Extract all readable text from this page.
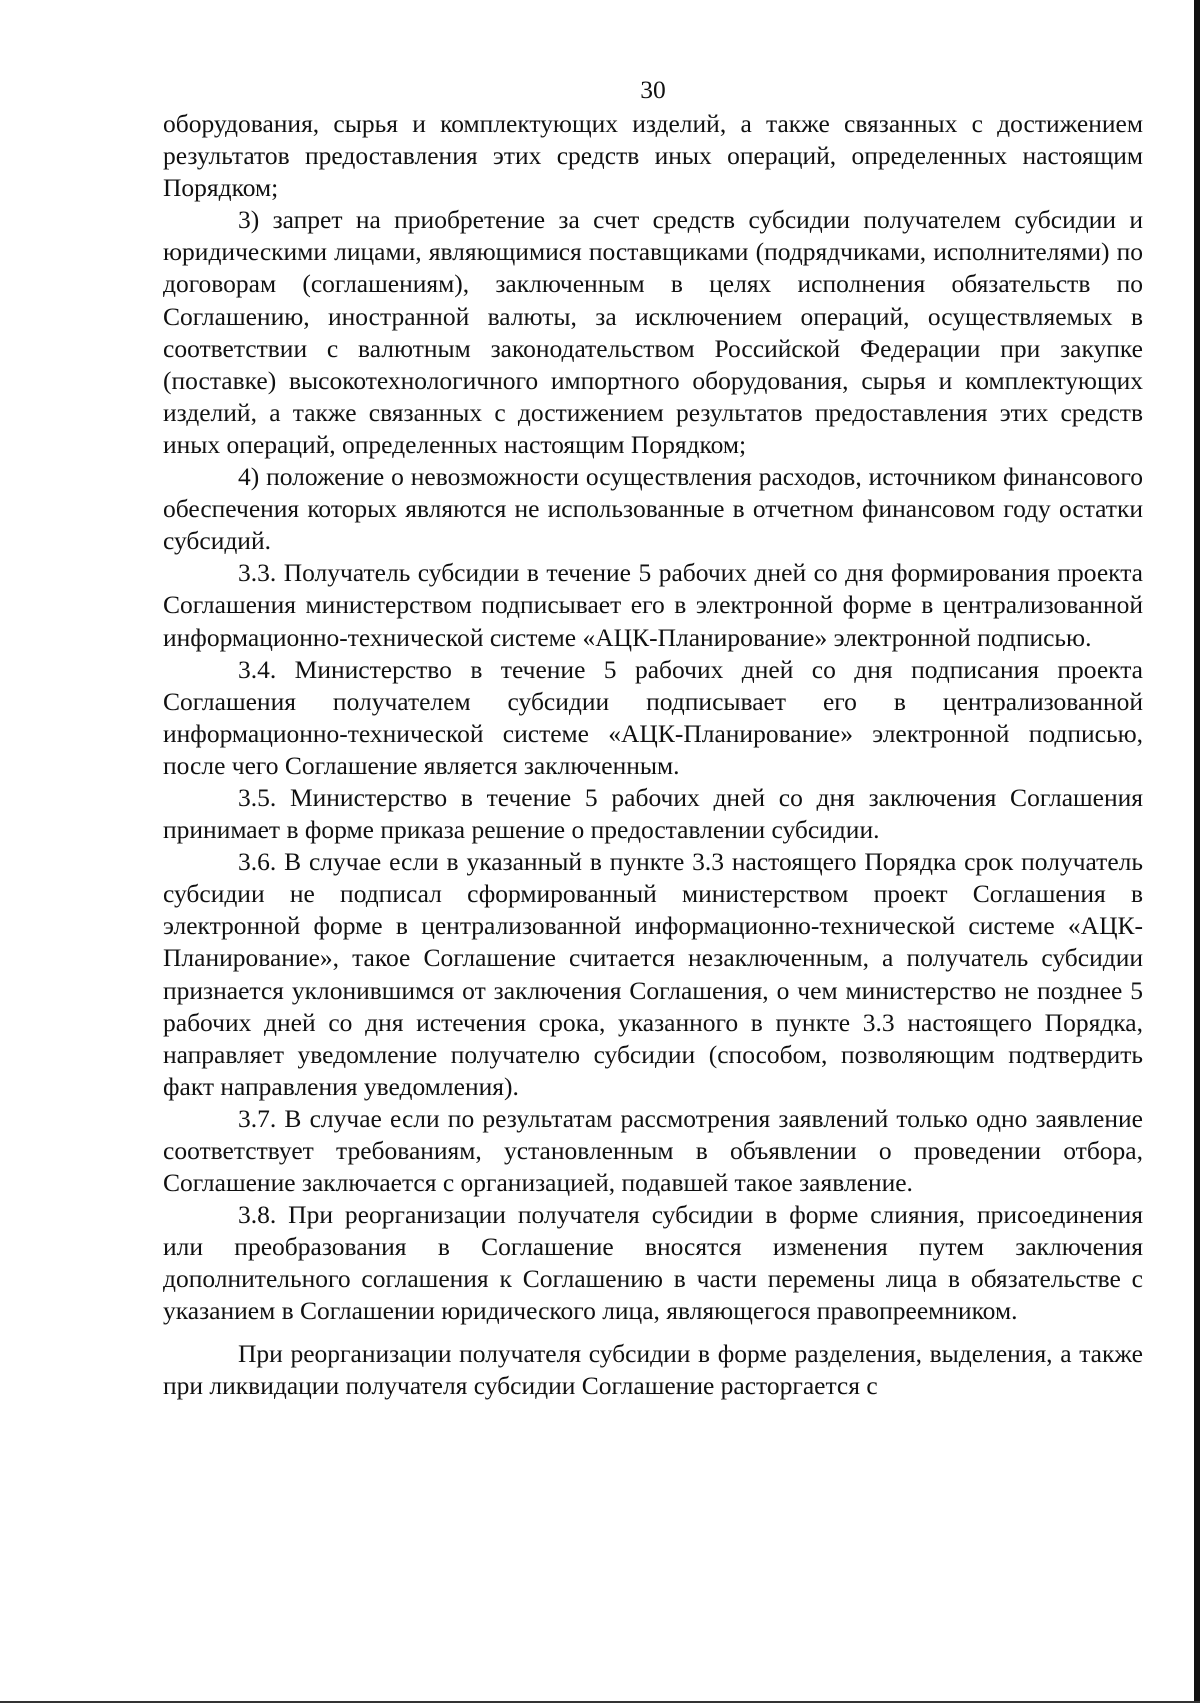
30

оборудования, сырья и комплектующих изделий, а также связанных с достижением результатов предоставления этих средств иных операций, определенных настоящим Порядком;

3) запрет на приобретение за счет средств субсидии получателем субсидии и юридическими лицами, являющимися поставщиками (подрядчиками, исполнителями) по договорам (соглашениям), заключенным в целях исполнения обязательств по Соглашению, иностранной валюты, за исключением операций, осуществляемых в соответствии с валютным законодательством Российской Федерации при закупке (поставке) высокотехнологичного импортного оборудования, сырья и комплектующих изделий, а также связанных с достижением результатов предоставления этих средств иных операций, определенных настоящим Порядком;

4) положение о невозможности осуществления расходов, источником финансового обеспечения которых являются не использованные в отчетном финансовом году остатки субсидий.

3.3. Получатель субсидии в течение 5 рабочих дней со дня формирования проекта Соглашения министерством подписывает его в электронной форме в централизованной информационно-технической системе «АЦК-Планирование» электронной подписью.

3.4. Министерство в течение 5 рабочих дней со дня подписания проекта Соглашения получателем субсидии подписывает его в централизованной информационно-технической системе «АЦК-Планирование» электронной подписью, после чего Соглашение является заключенным.

3.5. Министерство в течение 5 рабочих дней со дня заключения Соглашения принимает в форме приказа решение о предоставлении субсидии.

3.6. В случае если в указанный в пункте 3.3 настоящего Порядка срок получатель субсидии не подписал сформированный министерством проект Соглашения в электронной форме в централизованной информационно-технической системе «АЦК-Планирование», такое Соглашение считается незаключенным, а получатель субсидии признается уклонившимся от заключения Соглашения, о чем министерство не позднее 5 рабочих дней со дня истечения срока, указанного в пункте 3.3 настоящего Порядка, направляет уведомление получателю субсидии (способом, позволяющим подтвердить факт направления уведомления).

3.7. В случае если по результатам рассмотрения заявлений только одно заявление соответствует требованиям, установленным в объявлении о проведении отбора, Соглашение заключается с организацией, подавшей такое заявление.

3.8. При реорганизации получателя субсидии в форме слияния, присоединения или преобразования в Соглашение вносятся изменения путем заключения дополнительного соглашения к Соглашению в части перемены лица в обязательстве с указанием в Соглашении юридического лица, являющегося правопреемником.

При реорганизации получателя субсидии в форме разделения, выделения, а также при ликвидации получателя субсидии Соглашение расторгается с
